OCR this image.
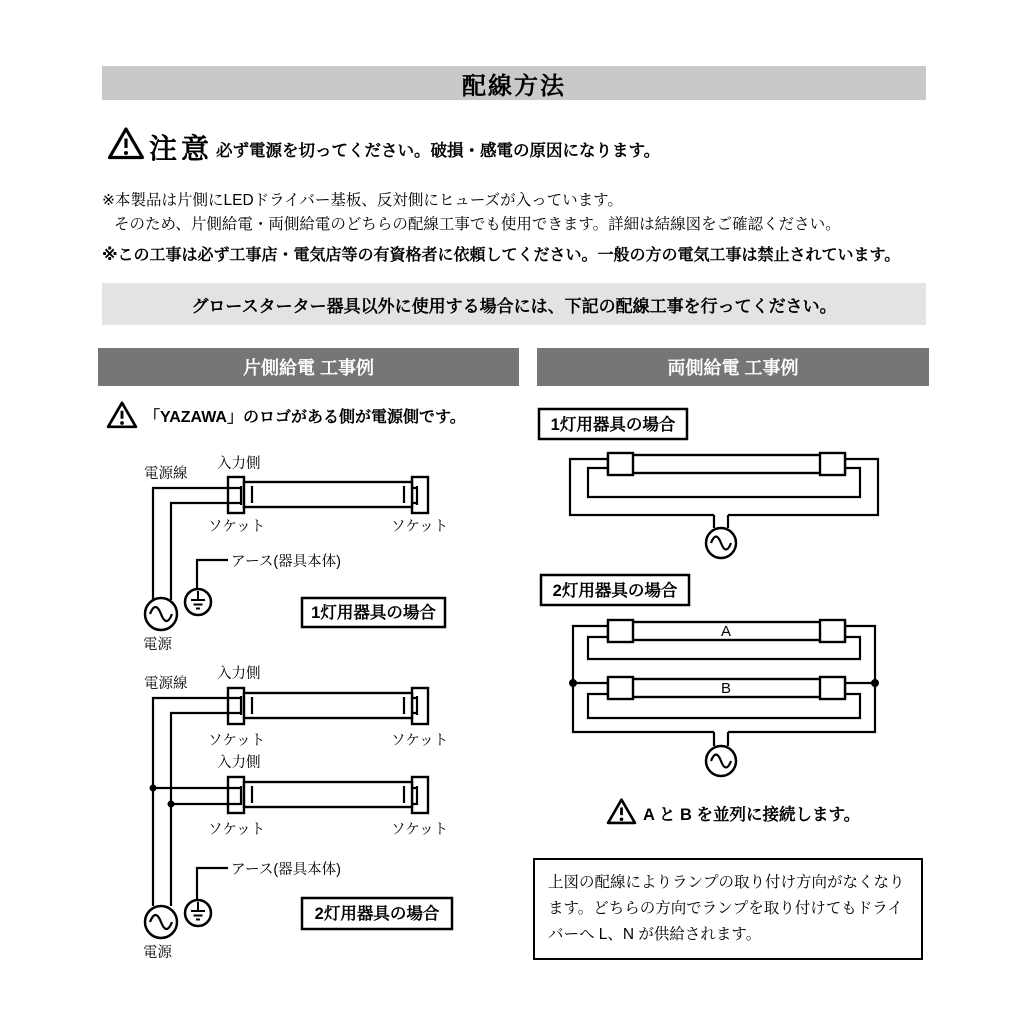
配線方法
注意 必ず電源を切ってください。破損・感電の原因になります。
※本製品は片側にLEDドライバー基板、反対側にヒューズが入っています。
そのため、片側給電・両側給電のどちらの配線工事でも使用できます。詳細は結線図をご確認ください。
※この工事は必ず工事店・電気店等の有資格者に依頼してください。一般の方の電気工事は禁止されています。
グロースターター器具以外に使用する場合には、下記の配線工事を行ってください。
片側給電 工事例	両側給電 工事例
「YAZAWA」のロゴがある側が電源側です。
1灯用器具の場合
電源線
入力側
ソケット	ソケット
アース(器具本体)
電源
2灯用器具の場合
電源線
入力側
ソケット	ソケット
入力側
ソケット	ソケット
アース(器具本体)
電源
1灯用器具の場合
2灯用器具の場合
A
B
A と B を並列に接続します。
上図の配線によりランプの取り付け方向がなくなり
ます。どちらの方向でランプを取り付けてもドライ
バーへ L、N が供給されます。
